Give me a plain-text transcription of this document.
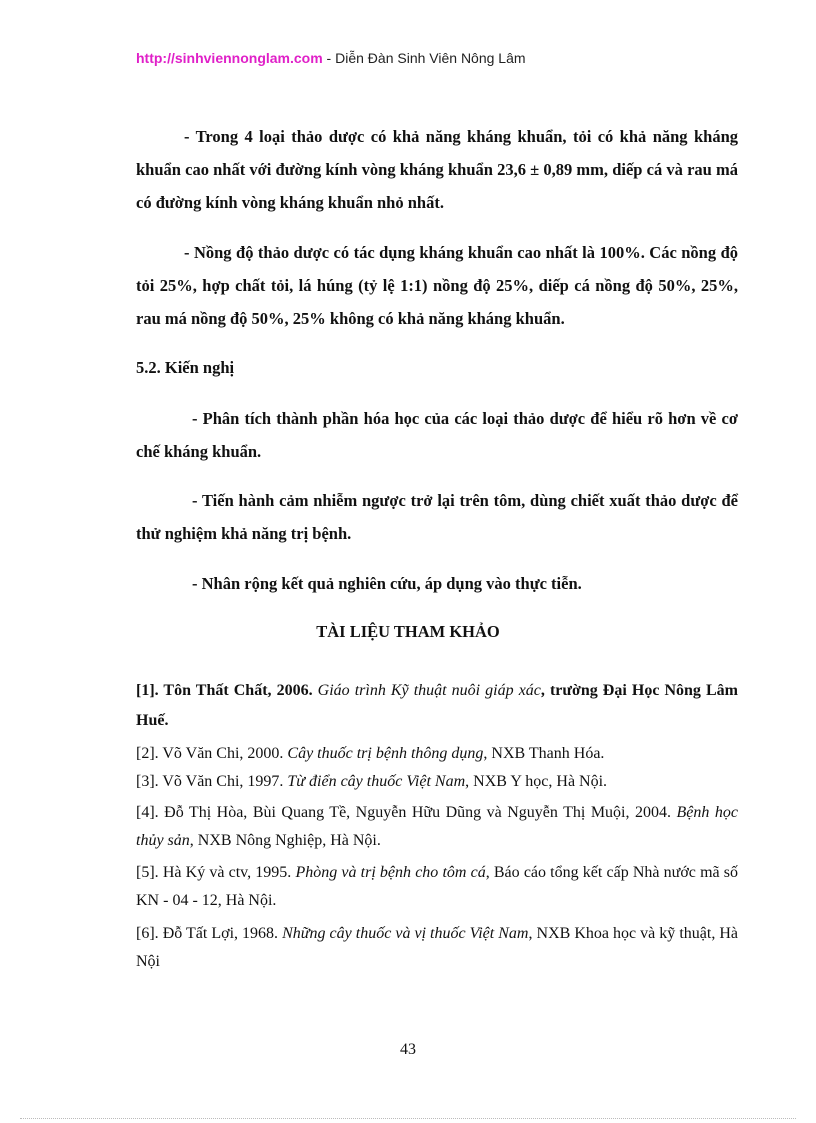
http://sinhviennonglam.com - Diễn Đàn Sinh Viên Nông Lâm
- Trong 4 loại thảo dược có khả năng kháng khuẩn, tỏi có khả năng kháng khuẩn cao nhất với đường kính vòng kháng khuẩn 23,6 ± 0,89 mm, diếp cá và rau má có đường kính vòng kháng khuẩn nhỏ nhất.
- Nồng độ thảo dược có tác dụng kháng khuẩn cao nhất là 100%. Các nồng độ tỏi 25%, hợp chất tỏi, lá húng (tỷ lệ 1:1) nồng độ 25%, diếp cá nồng độ 50%, 25%, rau má nồng độ 50%, 25% không có khả năng kháng khuẩn.
5.2. Kiến nghị
- Phân tích thành phần hóa học của các loại thảo dược để hiểu rõ hơn về cơ chế kháng khuẩn.
- Tiến hành cảm nhiễm ngược trở lại trên tôm, dùng chiết xuất thảo dược để thử nghiệm khả năng trị bệnh.
- Nhân rộng kết quả nghiên cứu, áp dụng vào thực tiễn.
TÀI LIỆU THAM KHẢO
[1]. Tôn Thất Chất, 2006. Giáo trình Kỹ thuật nuôi giáp xác, trường Đại Học Nông Lâm Huế.
[2]. Võ Văn Chi, 2000. Cây thuốc trị bệnh thông dụng, NXB Thanh Hóa.
[3]. Võ Văn Chi, 1997. Từ điển cây thuốc Việt Nam, NXB Y học, Hà Nội.
[4]. Đỗ Thị Hòa, Bùi Quang Tề, Nguyễn Hữu Dũng và Nguyễn Thị Muội, 2004. Bệnh học thủy sản, NXB Nông Nghiệp, Hà Nội.
[5]. Hà Ký và ctv, 1995. Phòng và trị bệnh cho tôm cá, Báo cáo tổng kết cấp Nhà nước mã số KN - 04 - 12, Hà Nội.
[6]. Đỗ Tất Lợi, 1968. Những cây thuốc và vị thuốc Việt Nam, NXB Khoa học và kỹ thuật, Hà Nội
43
